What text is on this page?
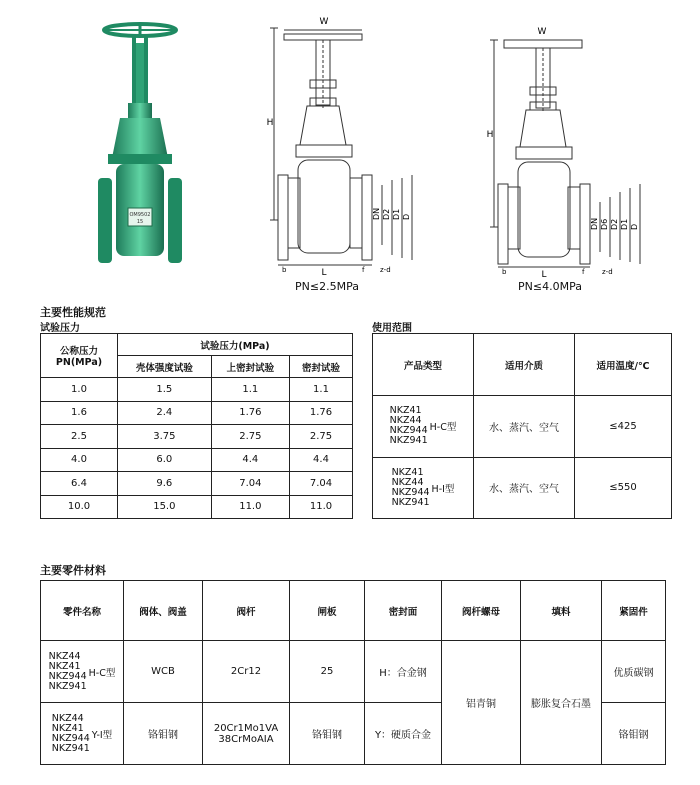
OM9502
15
W
H
L
DN D2 D1 D
b	f z-d
PN≤2.5MPa
W
H
L
DN D6 D2 D1 D
b	f	z-d
PN≤4.0MPa
主要性能规范
试验压力
公称压力
PN(MPa)	试验压力(MPa)		
	壳体强度试验	上密封试验	密封试验
1.0	1.5	1.1	1.1
1.6	2.4	1.76	1.76
2.5	3.75	2.75	2.75
4.0	6.0	4.4	4.4
6.4	9.6	7.04	7.04
10.0	15.0	11.0	11.0
使用范围
产品类型	适用介质	适用温度/℃
NKZ41
NKZ44
NKZ944
NKZ941H-C型	水、蒸汽、空气	≤425
NKZ41
NKZ44
NKZ944
NKZ941H-I型	水、蒸汽、空气	≤550
主要零件材料
零件名称	阀体、阀盖	阀杆	闸板	密封面	阀杆螺母	填料	紧固件
NKZ44
NKZ41
NKZ944
NKZ941H-C型	WCB	2Cr12	25	H：合金钢	铝青铜	膨胀复合石墨	优质碳钢
NKZ44
NKZ41
NKZ944
NKZ941Y-I型	铬钼钢	20Cr1Mo1VA
38CrMoAIA	铬钼钢	Y：硬质合金			铬钼钢
